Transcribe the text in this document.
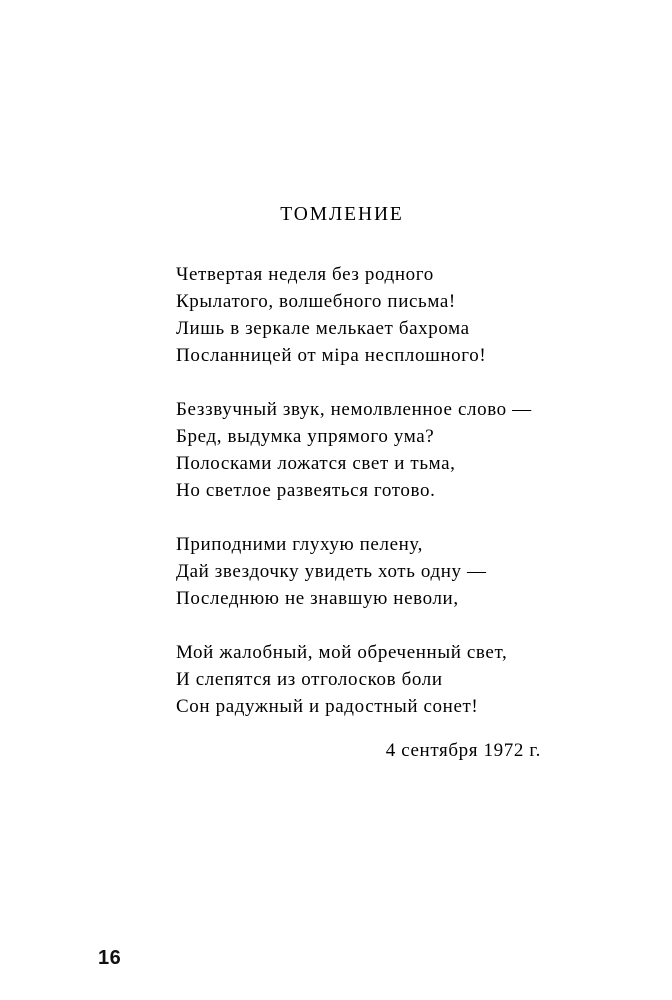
ТОМЛЕНИЕ
Четвертая неделя без родного
Крылатого, волшебного письма!
Лишь в зеркале мелькает бахрома
Посланницей от міра несплошного!
Беззвучный звук, немолвленное слово —
Бред, выдумка упрямого ума?
Полосками ложатся свет и тьма,
Но светлое развеяться готово.
Приподними глухую пелену,
Дай звездочку увидеть хоть одну —
Последнюю не знавшую неволи,
Мой жалобный, мой обреченный свет,
И слепятся из отголосков боли
Сон радужный и радостный сонет!
4 сентября 1972 г.
16
